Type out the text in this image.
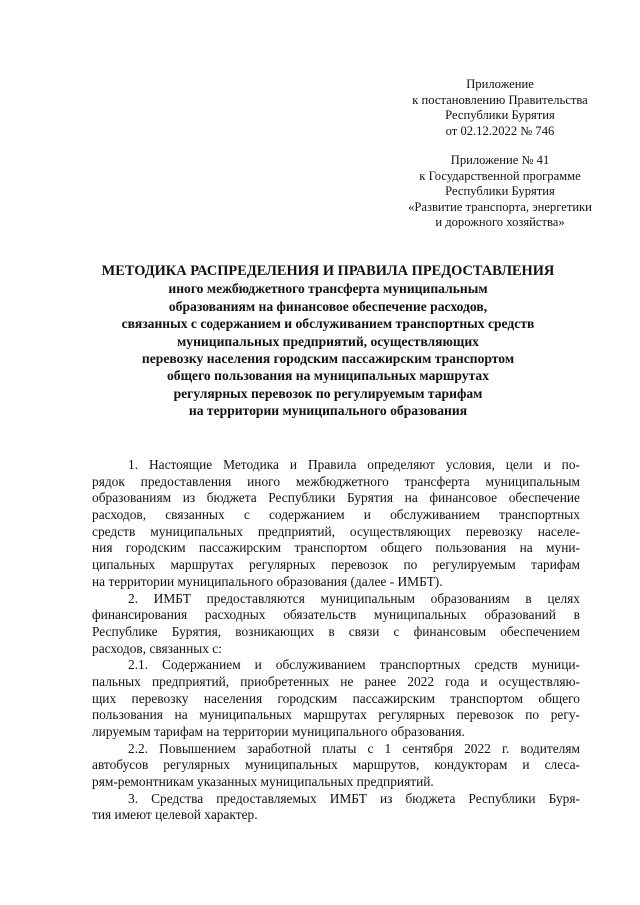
Приложение
к постановлению Правительства
Республики Бурятия
от 02.12.2022 № 746
Приложение № 41
к Государственной программе
Республики Бурятия
«Развитие транспорта, энергетики
и дорожного хозяйства»
МЕТОДИКА РАСПРЕДЕЛЕНИЯ И ПРАВИЛА ПРЕДОСТАВЛЕНИЯ
иного межбюджетного трансферта муниципальным
образованиям на финансовое обеспечение расходов,
связанных с содержанием и обслуживанием транспортных средств
муниципальных предприятий, осуществляющих
перевозку населения городским пассажирским транспортом
общего пользования на муниципальных маршрутах
регулярных перевозок по регулируемым тарифам
на территории муниципального образования
1. Настоящие Методика и Правила определяют условия, цели и по-
рядок предоставления иного межбюджетного трансферта муниципальным
образованиям из бюджета Республики Бурятия на финансовое обеспечение
расходов, связанных с содержанием и обслуживанием транспортных
средств муниципальных предприятий, осуществляющих перевозку населе-
ния городским пассажирским транспортом общего пользования на муни-
ципальных маршрутах регулярных перевозок по регулируемым тарифам
на территории муниципального образования (далее - ИМБТ).
2. ИМБТ предоставляются муниципальным образованиям в целях
финансирования расходных обязательств муниципальных образований в
Республике Бурятия, возникающих в связи с финансовым обеспечением
расходов, связанных с:
2.1. Содержанием и обслуживанием транспортных средств муници-
пальных предприятий, приобретенных не ранее 2022 года и осуществляю-
щих перевозку населения городским пассажирским транспортом общего
пользования на муниципальных маршрутах регулярных перевозок по регу-
лируемым тарифам на территории муниципального образования.
2.2. Повышением заработной платы с 1 сентября 2022 г. водителям
автобусов регулярных муниципальных маршрутов, кондукторам и слеса-
рям-ремонтникам указанных муниципальных предприятий.
3. Средства предоставляемых ИМБТ из бюджета Республики Буря-
тия имеют целевой характер.
